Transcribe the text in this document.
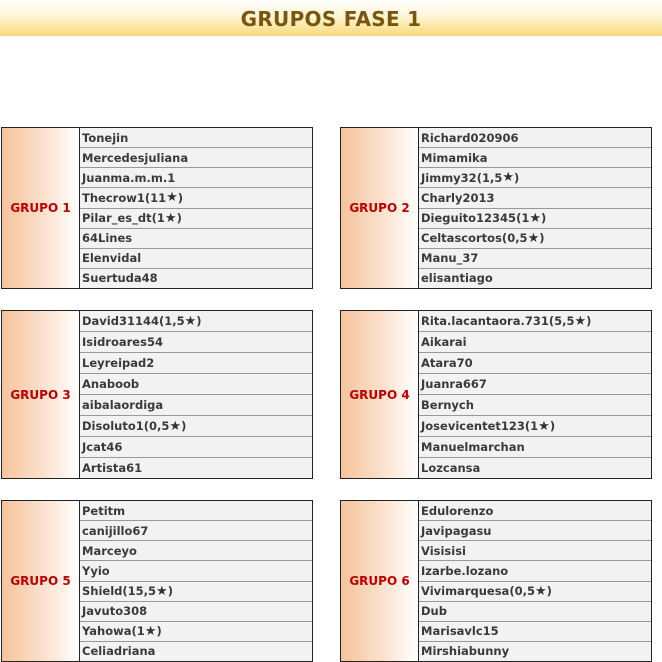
GRUPOS FASE 1
GRUPO 1
Tonejin
Mercedesjuliana
Juanma.m.m.1
Thecrow1 ( 11 ★ )
Pilar_es_dt ( 1 ★ )
64Lines
Elenvidal
Suertuda48
GRUPO 2
Richard020906
Mimamika
Jimmy32 ( 1,5 ★ )
Charly2013
Dieguito12345 ( 1 ★ )
Celtascortos ( 0,5 ★ )
Manu_37
elisantiago
GRUPO 3
David31144 ( 1,5 ★ )
Isidroares54
Leyreipad2
Anaboob
aibalaordiga
Disoluto1 ( 0,5 ★ )
Jcat46
Artista61
GRUPO 4
Rita.lacantaora.731 ( 5,5 ★ )
Aikarai
Atara70
Juanra667
Bernych
Josevicentet123 ( 1 ★ )
Manuelmarchan
Lozcansa
GRUPO 5
Petitm
canijillo67
Marceyo
Yyio
Shield ( 15,5 ★ )
Javuto308
Yahowa ( 1 ★ )
Celiadriana
GRUPO 6
Edulorenzo
Javipagasu
Visisisi
Izarbe.lozano
Vivimarquesa ( 0,5 ★ )
Dub
Marisavlc15
Mirshiabunny
